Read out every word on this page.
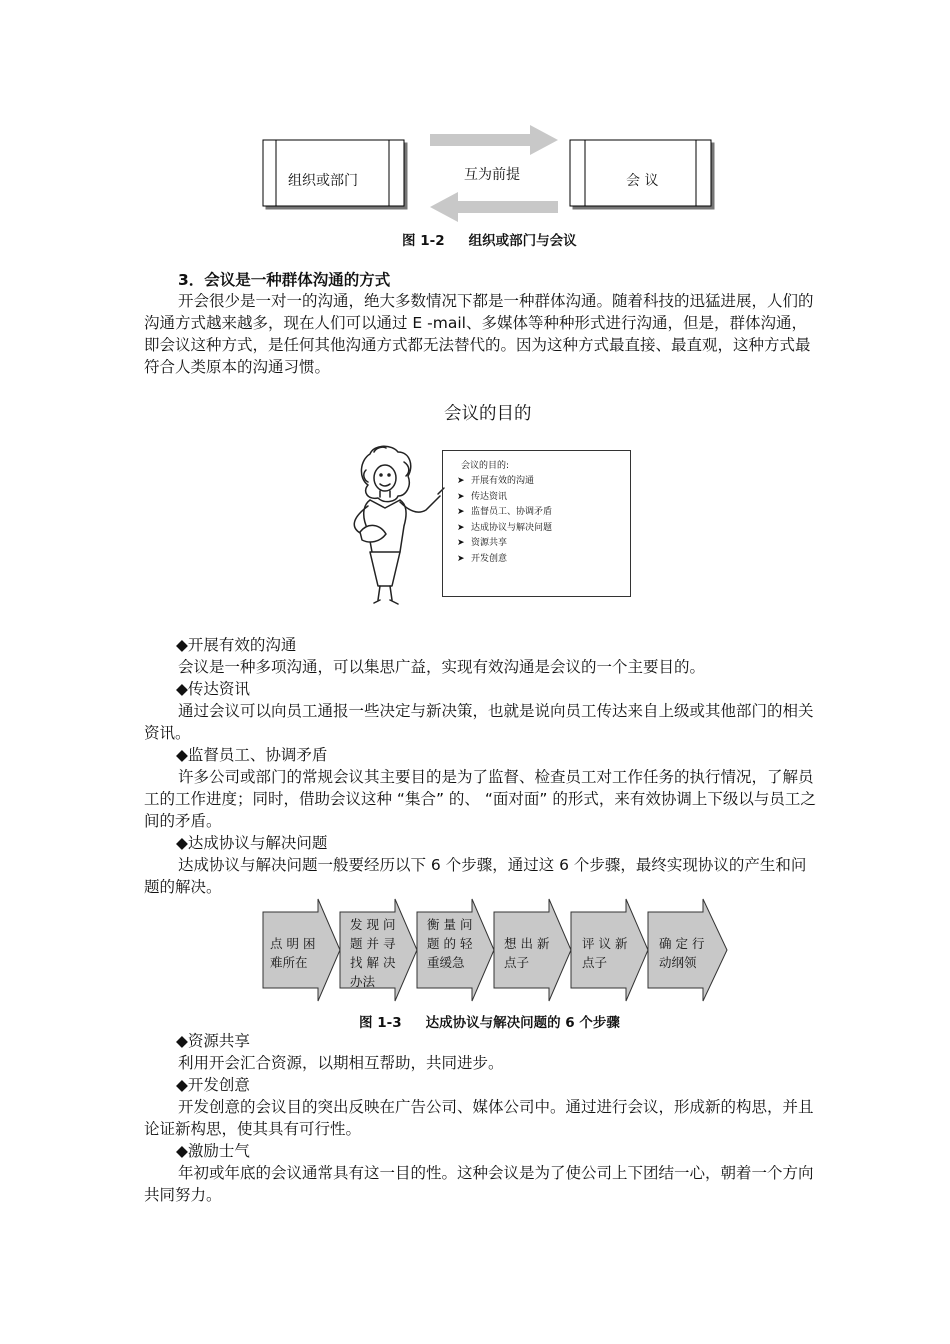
组织或部门	会 议
互为前提
图 1-2 组织或部门与会议
3．会议是一种群体沟通的方式
开会很少是一对一的沟通，绝大多数情况下都是一种群体沟通。随着科技的迅猛进展，人们的沟通方式越来越多，现在人们可以通过 E -mail、多媒体等种种形式进行沟通，但是，群体沟通，即会议这种方式，是任何其他沟通方式都无法替代的。因为这种方式最直接、最直观，这种方式最符合人类原本的沟通习惯。
会议的目的
会议的目的:
➤ 开展有效的沟通
➤ 传达资讯
➤ 监督员工、协调矛盾
➤ 达成协议与解决问题
➤ 资源共享
➤ 开发创意
◆开展有效的沟通
会议是一种多项沟通，可以集思广益，实现有效沟通是会议的一个主要目的。
◆传达资讯
通过会议可以向员工通报一些决定与新决策，也就是说向员工传达来自上级或其他部门的相关资讯。
◆监督员工、协调矛盾
许多公司或部门的常规会议其主要目的是为了监督、检查员工对工作任务的执行情况，了解员工的工作进度；同时，借助会议这种 “集合” 的、 “面对面” 的形式，来有效协调上下级以与员工之间的矛盾。
◆达成协议与解决问题
达成协议与解决问题一般要经历以下 6 个步骤，通过这 6 个步骤，最终实现协议的产生和问题的解决。
点 明 困
难所在
发 现 问
题 并 寻
找 解 决
办法
衡 量 问
题 的 轻
重缓急
想 出 新
点子
评 议 新
点子
确 定 行
动纲领
图 1-3 达成协议与解决问题的 6 个步骤
◆资源共享
利用开会汇合资源，以期相互帮助，共同进步。
◆开发创意
开发创意的会议目的突出反映在广告公司、媒体公司中。通过进行会议，形成新的构思，并且论证新构思，使其具有可行性。
◆激励士气
年初或年底的会议通常具有这一目的性。这种会议是为了使公司上下团结一心，朝着一个方向共同努力。
